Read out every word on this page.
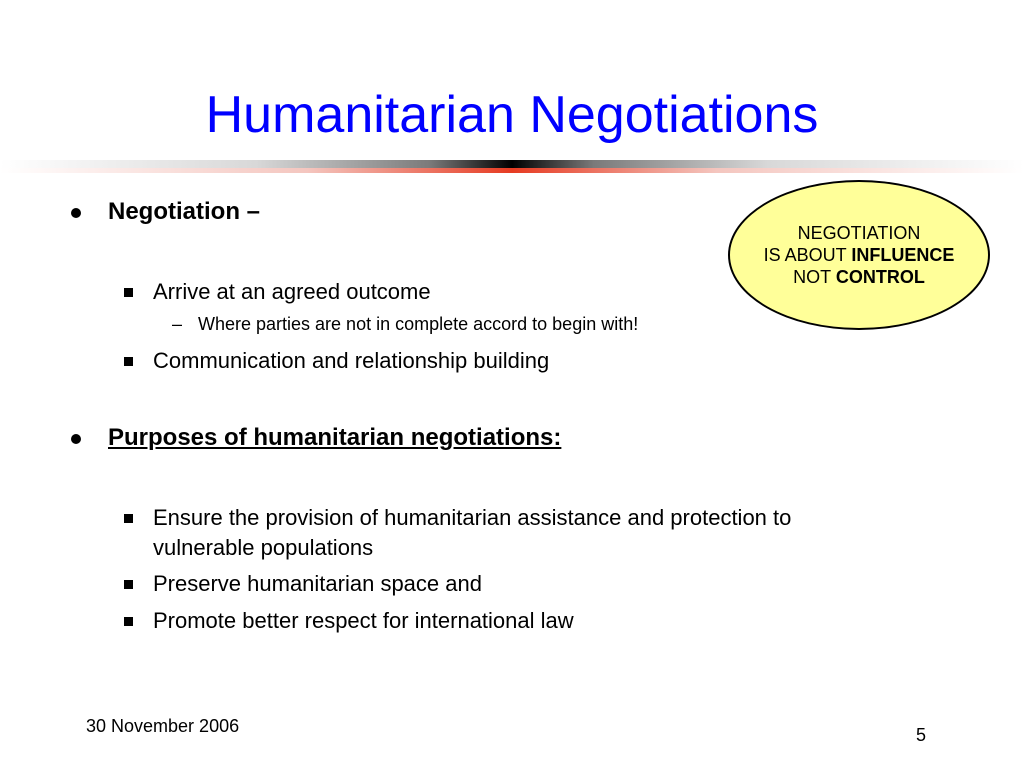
Humanitarian Negotiations
NEGOTIATION
IS ABOUT INFLUENCE
NOT CONTROL
Negotiation –
Arrive at an agreed outcome
– Where parties are not in complete accord to begin with!
Communication and relationship building
Purposes of humanitarian negotiations:
Ensure the provision of humanitarian assistance and protection to
vulnerable populations
Preserve humanitarian space and
Promote better respect for international law
30 November 2006	5
